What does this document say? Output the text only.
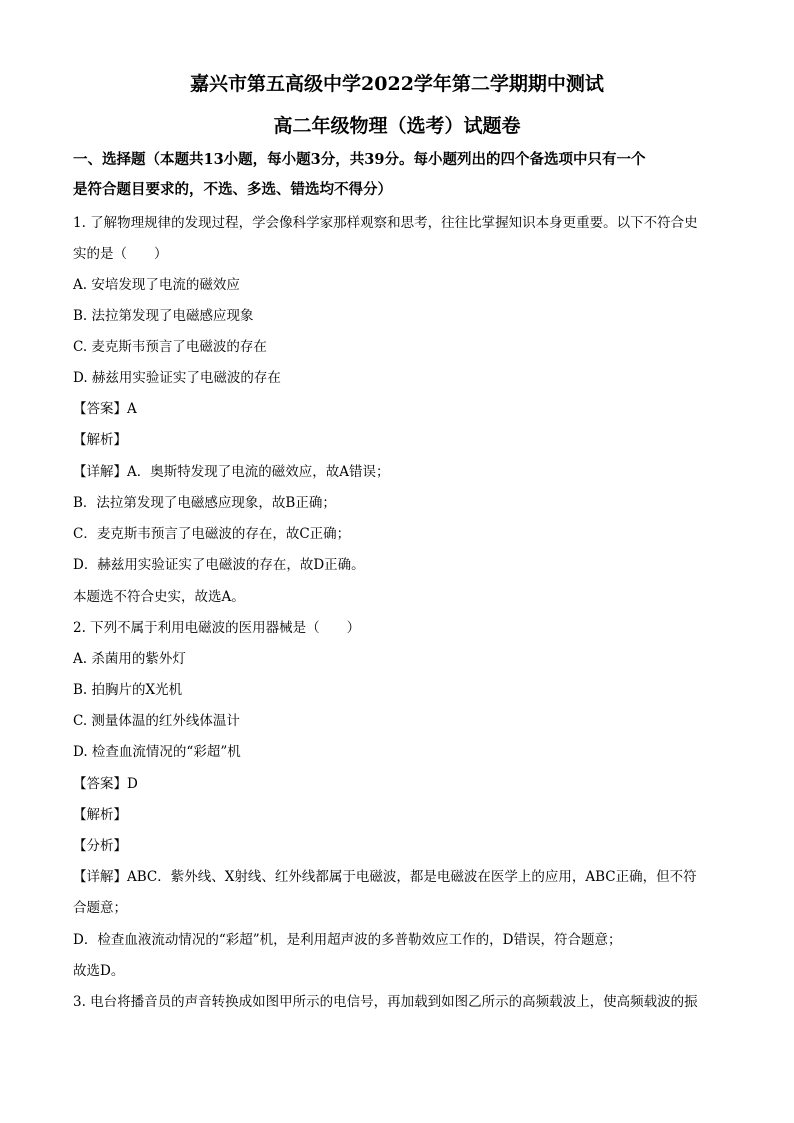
嘉兴市第五高级中学2022学年第二学期期中测试
高二年级物理（选考）试题卷
一、选择题（本题共13小题，每小题3分，共39分。每小题列出的四个备选项中只有一个
是符合题目要求的，不选、多选、错选均不得分）
1. 了解物理规律的发现过程，学会像科学家那样观察和思考，往往比掌握知识本身更重要。以下不符合史
实的是（　　）
A. 安培发现了电流的磁效应
B. 法拉第发现了电磁感应现象
C. 麦克斯韦预言了电磁波的存在
D. 赫兹用实验证实了电磁波的存在
【答案】A
【解析】
【详解】A．奥斯特发现了电流的磁效应，故A错误；
B．法拉第发现了电磁感应现象，故B正确；
C．麦克斯韦预言了电磁波的存在，故C正确；
D．赫兹用实验证实了电磁波的存在，故D正确。
本题选不符合史实，故选A。
2. 下列不属于利用电磁波的医用器械是（　　）
A. 杀菌用的紫外灯
B. 拍胸片的X光机
C. 测量体温的红外线体温计
D. 检查血流情况的“彩超”机
【答案】D
【解析】
【分析】
【详解】ABC．紫外线、X射线、红外线都属于电磁波，都是电磁波在医学上的应用，ABC正确，但不符
合题意；
D．检查血液流动情况的“彩超”机，是利用超声波的多普勒效应工作的，D错误，符合题意；
故选D。
3. 电台将播音员的声音转换成如图甲所示的电信号，再加载到如图乙所示的高频载波上，使高频载波的振
